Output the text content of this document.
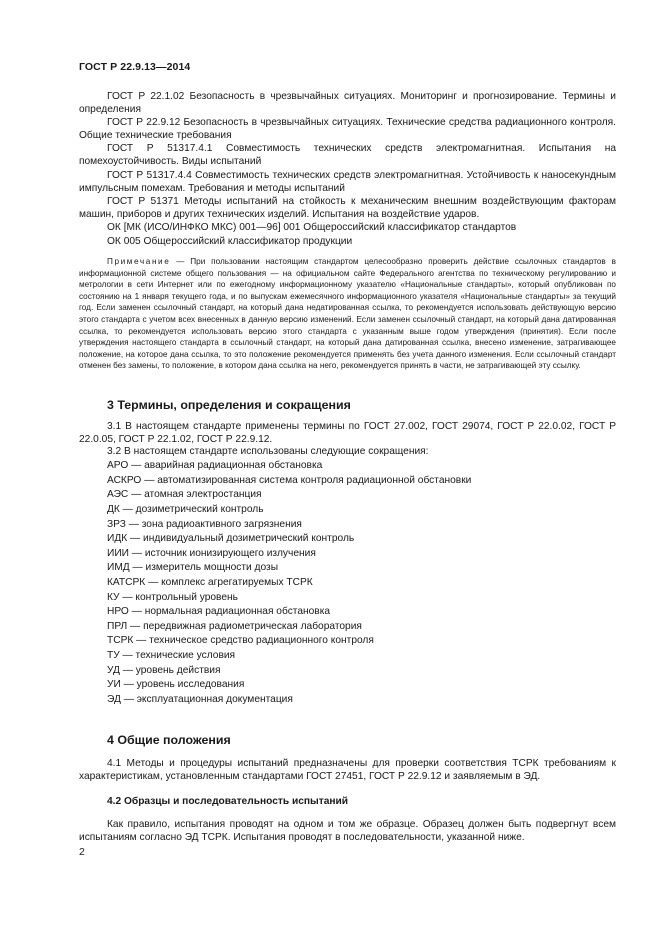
ГОСТ Р 22.9.13—2014

ГОСТ Р 22.1.02 Безопасность в чрезвычайных ситуациях. Мониторинг и прогнозирование. Термины и определения

ГОСТ Р 22.9.12 Безопасность в чрезвычайных ситуациях. Технические средства радиационного контроля. Общие технические требования

ГОСТ Р 51317.4.1 Совместимость технических средств электромагнитная. Испытания на помехоустойчивость. Виды испытаний

ГОСТ Р 51317.4.4 Совместимость технических средств электромагнитная. Устойчивость к наносекундным импульсным помехам. Требования и методы испытаний

ГОСТ Р 51371 Методы испытаний на стойкость к механическим внешним воздействующим факторам машин, приборов и других технических изделий. Испытания на воздействие ударов.

ОК [МК (ИСО/ИНФКО МКС) 001—96] 001 Общероссийский классификатор стандартов

ОК 005 Общероссийский классификатор продукции

Примечание — При пользовании настоящим стандартом целесообразно проверить действие ссылочных стандартов в информационной системе общего пользования — на официальном сайте Федерального агентства по техническому регулированию и метрологии в сети Интернет или по ежегодному информационному указателю «Национальные стандарты», который опубликован по состоянию на 1 января текущего года, и по выпускам ежемесячного информационного указателя «Национальные стандарты» за текущий год. Если заменен ссылочный стандарт, на который дана недатированная ссылка, то рекомендуется использовать действующую версию этого стандарта с учетом всех внесенных в данную версию изменений. Если заменен ссылочный стандарт, на который дана датированная ссылка, то рекомендуется использовать версию этого стандарта с указанным выше годом утверждения (принятия). Если после утверждения настоящего стандарта в ссылочный стандарт, на который дана датированная ссылка, внесено изменение, затрагивающее положение, на которое дана ссылка, то это положение рекомендуется применять без учета данного изменения. Если ссылочный стандарт отменен без замены, то положение, в котором дана ссылка на него, рекомендуется принять в части, не затрагивающей эту ссылку.

3 Термины, определения и сокращения

3.1 В настоящем стандарте применены термины по ГОСТ 27.002, ГОСТ 29074, ГОСТ Р 22.0.02, ГОСТ Р 22.0.05, ГОСТ Р 22.1.02, ГОСТ Р 22.9.12.

3.2 В настоящем стандарте использованы следующие сокращения:

АРО — аварийная радиационная обстановка
АСКРО — автоматизированная система контроля радиационной обстановки
АЭС — атомная электростанция
ДК — дозиметрический контроль
ЗРЗ — зона радиоактивного загрязнения
ИДК — индивидуальный дозиметрический контроль
ИИИ — источник ионизирующего излучения
ИМД — измеритель мощности дозы
КАТСРК — комплекс агрегатируемых ТСРК
КУ — контрольный уровень
НРО — нормальная радиационная обстановка
ПРЛ — передвижная радиометрическая лаборатория
ТСРК — техническое средство радиационного контроля
ТУ — технические условия
УД — уровень действия
УИ — уровень исследования
ЭД — эксплуатационная документация
4 Общие положения

4.1 Методы и процедуры испытаний предназначены для проверки соответствия ТСРК требованиям к характеристикам, установленным стандартами ГОСТ 27451, ГОСТ Р 22.9.12 и заявляемым в ЭД.

4.2 Образцы и последовательность испытаний

Как правило, испытания проводят на одном и том же образце. Образец должен быть подвергнут всем испытаниям согласно ЭД ТСРК. Испытания проводят в последовательности, указанной ниже.

2
